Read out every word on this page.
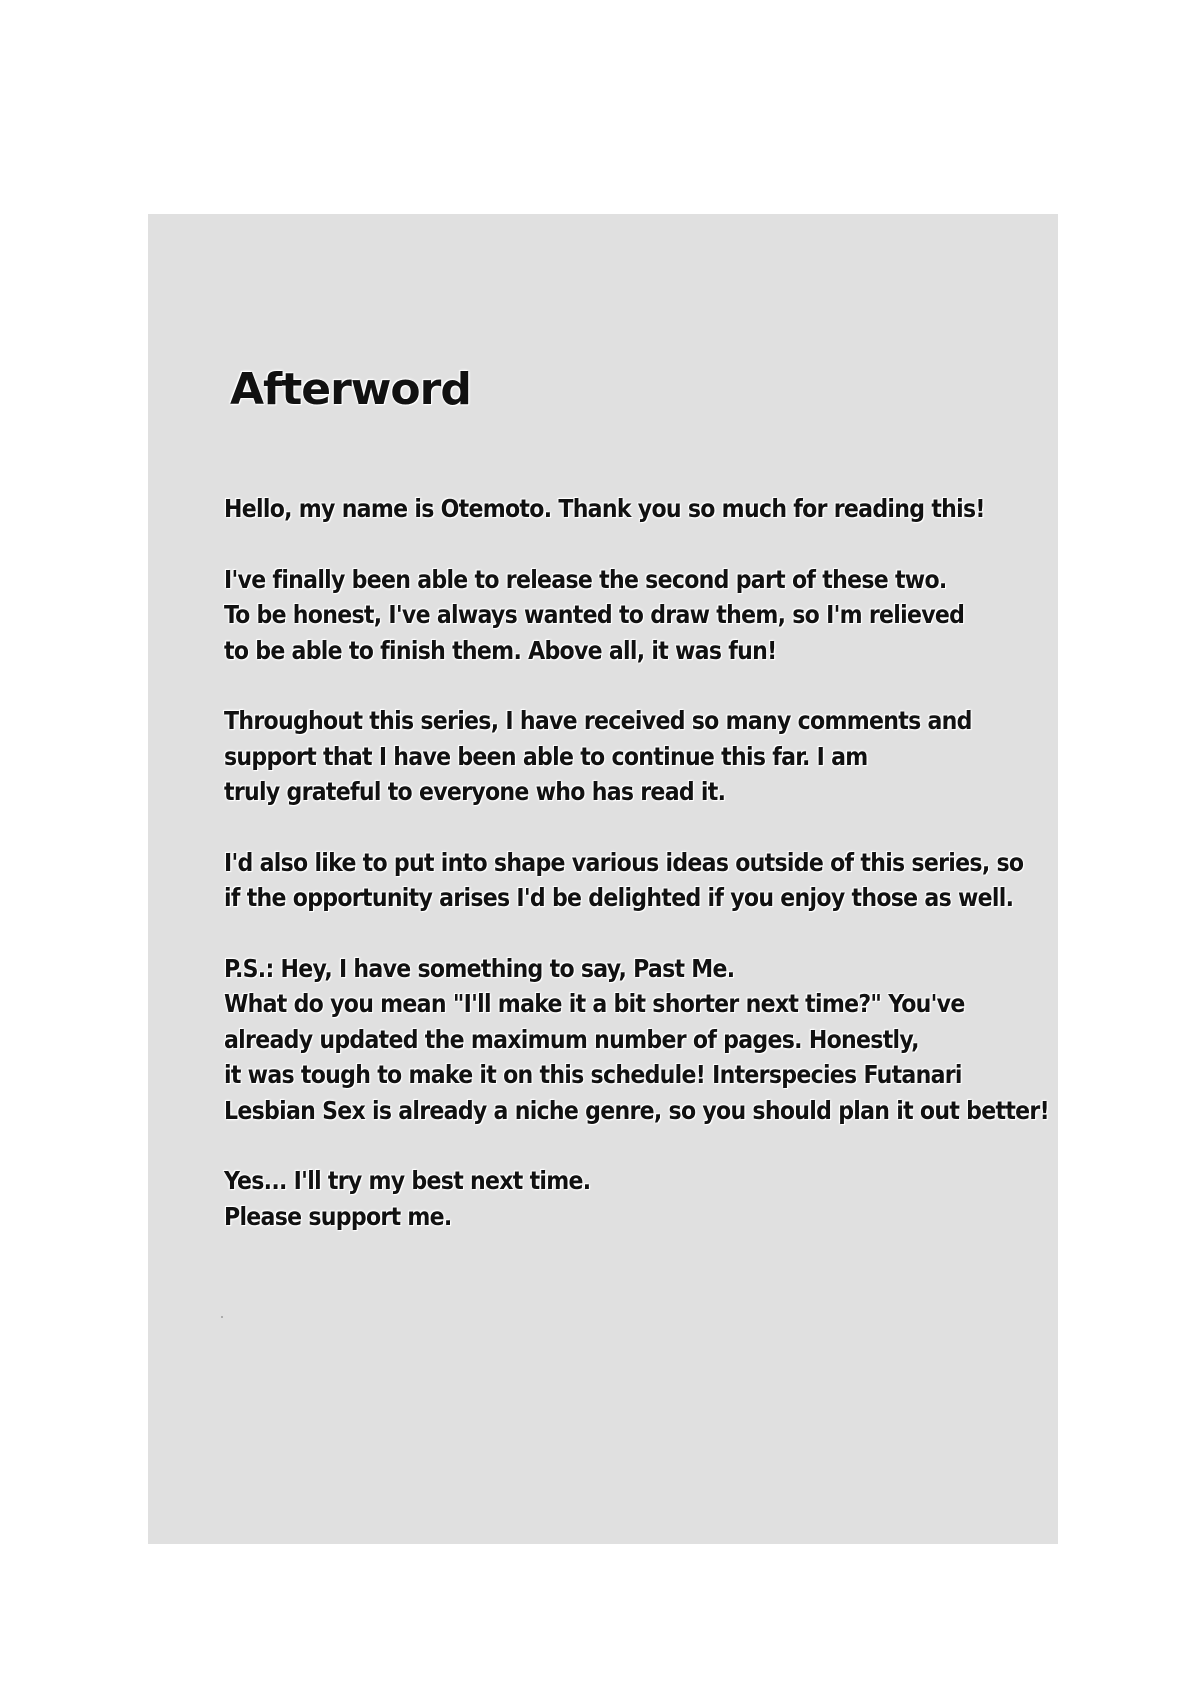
Afterword
Hello, my name is Otemoto. Thank you so much for reading this!
I've finally been able to release the second part of these two.
To be honest, I've always wanted to draw them, so I'm relieved
to be able to finish them. Above all, it was fun!
Throughout this series, I have received so many comments and
support that I have been able to continue this far. I am
truly grateful to everyone who has read it.
I'd also like to put into shape various ideas outside of this series, so
if the opportunity arises I'd be delighted if you enjoy those as well.
P.S.: Hey, I have something to say, Past Me.
What do you mean "I'll make it a bit shorter next time?" You've
already updated the maximum number of pages. Honestly,
it was tough to make it on this schedule! Interspecies Futanari
Lesbian Sex is already a niche genre, so you should plan it out better!
Yes... I'll try my best next time.
Please support me.
